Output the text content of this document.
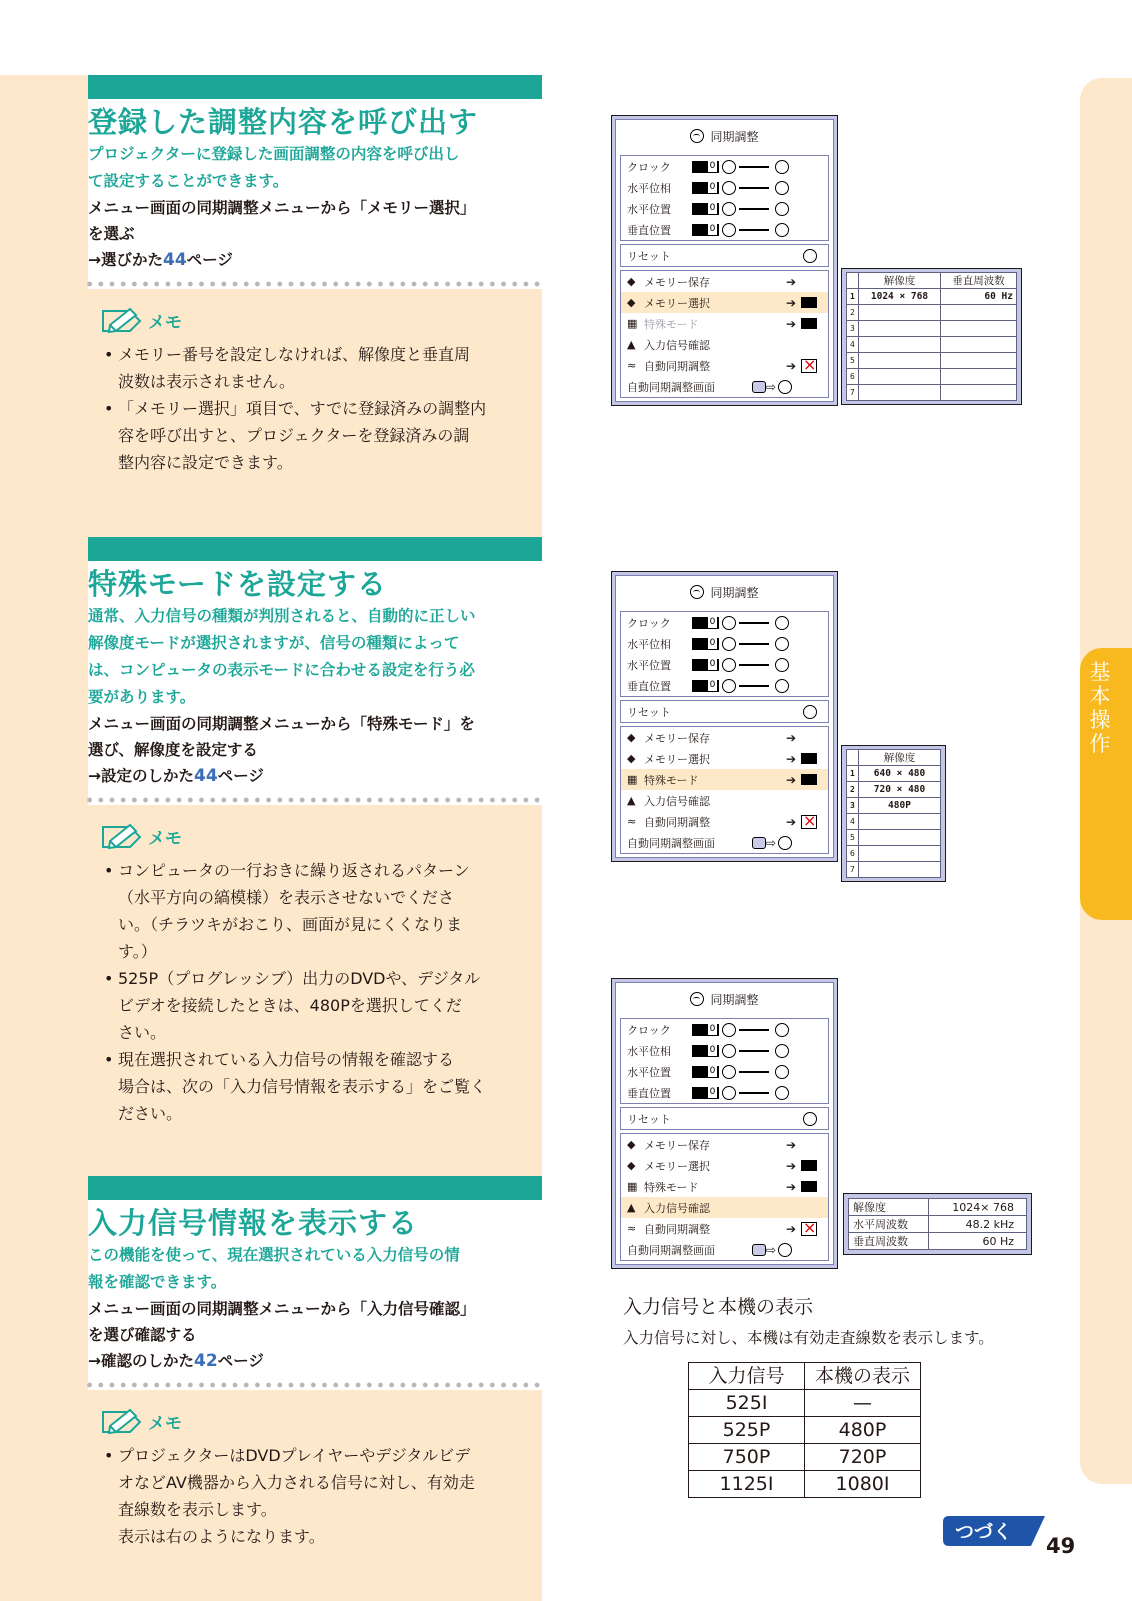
登録した調整内容を呼び出す
プロジェクターに登録した画面調整の内容を呼び出し
て設定することができます。
メニュー画面の同期調整メニューから「メモリー選択」
を選ぶ
→選びかた44ページ
メモ
• メモリー番号を設定しなければ、解像度と垂直周
波数は表示されません。
• 「メモリー選択」項目で、すでに登録済みの調整内
容を呼び出すと、プロジェクターを登録済みの調
整内容に設定できます。
特殊モードを設定する
通常、入力信号の種類が判別されると、自動的に正しい
解像度モードが選択されますが、信号の種類によって
は、コンピュータの表示モードに合わせる設定を行う必
要があります。
メニュー画面の同期調整メニューから「特殊モード」を
選び、解像度を設定する
→設定のしかた44ページ
メモ
• コンピュータの一行おきに繰り返されるパターン
（水平方向の縞模様）を表示させないでくださ
い。（チラツキがおこり、画面が見にくくなりま
す。）
• 525P（プログレッシブ）出力のDVDや、デジタル
ビデオを接続したときは、480Pを選択してくだ
さい。
• 現在選択されている入力信号の情報を確認する
場合は、次の「入力信号情報を表示する」をご覧く
ださい。
入力信号情報を表示する
この機能を使って、現在選択されている入力信号の情
報を確認できます。
メニュー画面の同期調整メニューから「入力信号確認」
を選び確認する
→確認のしかた42ページ
メモ
• プロジェクターはDVDプレイヤーやデジタルビデ
オなどAV機器から入力される信号に対し、有効走
査線数を表示します。
表示は右のようになります。
基
本
操
作
同期調整
クロック	0
水平位相	0
水平位置	0
垂直位置	0
リセット
◆ メモリー保存	➔
◆ メモリー選択	➔
▦ 特殊モード	➔
▲ 入力信号確認
≈ 自動同期調整	➔
×
自動同期調整画面	⇨
同期調整
クロック	0
水平位相	0
水平位置	0
垂直位置	0
リセット
◆ メモリー保存	➔
◆ メモリー選択	➔
▦ 特殊モード	➔
▲ 入力信号確認
≈ 自動同期調整	➔
×
自動同期調整画面	⇨
同期調整
クロック	0
水平位相	0
水平位置	0
垂直位置	0
リセット
◆ メモリー保存	➔
◆ メモリー選択	➔
▦ 特殊モード	➔
▲ 入力信号確認
≈ 自動同期調整	➔
×
自動同期調整画面	⇨
	解像度	垂直周波数
1	1024 × 768	60 Hz
2		
3		
4		
5		
6		
7		
	解像度
1	640 × 480
2	720 × 480
3	480P
4	
5	
6	
7	
解像度	1024× 768
水平周波数	48.2 kHz
垂直周波数	60 Hz
入力信号と本機の表示
入力信号に対し、本機は有効走査線数を表示します。
入力信号	本機の表示
525I	—
525P	480P
750P	720P
1125I	1080I
つづく
49
